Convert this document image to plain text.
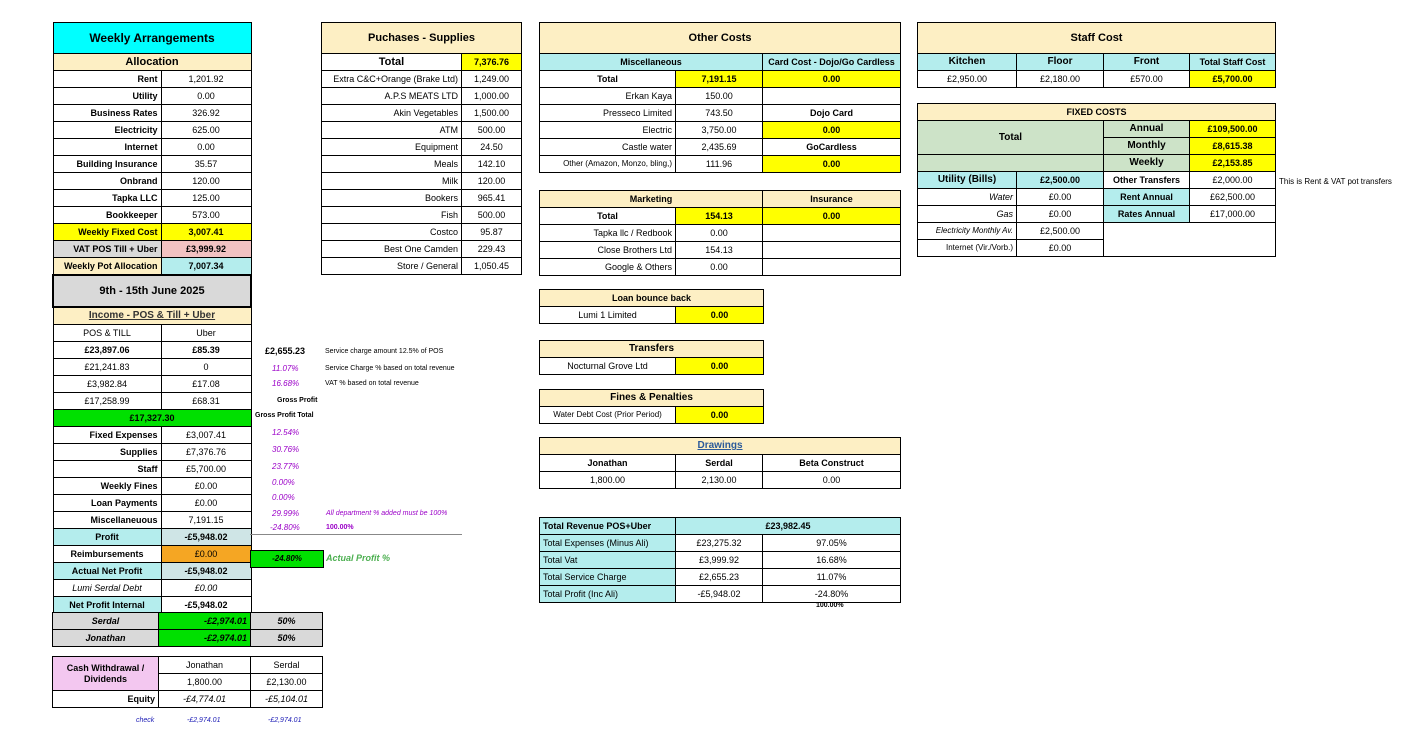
Weekly Arrangements	
Allocation	
Rent	1,201.92
Utility	0.00
Business Rates	326.92
Electricity	625.00
Internet	0.00
Building Insurance	35.57
Onbrand	120.00
Tapka LLC	125.00
Bookkeeper	573.00
Weekly Fixed Cost	3,007.41
VAT POS Till + Uber	£3,999.92
Weekly Pot Allocation	7,007.34
9th - 15th June 2025	
Income - POS & Till + Uber	
POS & TILL	Uber
£23,897.06	£85.39
£21,241.83	0
£3,982.84	£17.08
£17,258.99	£68.31
£17,327.30	
Fixed Expenses	£3,007.41
Supplies	£7,376.76
Staff	£5,700.00
Weekly Fines	£0.00
Loan Payments	£0.00
Miscellaneuous	7,191.15
Profit	-£5,948.02
Reimbursements	£0.00
Actual Net Profit	-£5,948.02
Lumi Serdal Debt	£0.00
Net Profit Internal	-£5,948.02
£2,655.23	Service charge amount 12.5% of POS
11.07%	Service Charge % based on total revenue
16.68%	VAT % based on total revenue
Gross Profit
Gross Profit Total
12.54%
30.76%
23.77%
0.00%
0.00%
29.99%	All department % added must be 100%
-24.80%	100.00%
-24.80%	Actual Profit %
Serdal	-£2,974.01	50%
Jonathan	-£2,974.01	50%
Cash Withdrawal / Dividends	Jonathan	Serdal
	1,800.00	£2,130.00
Equity	-£4,774.01	-£5,104.01
check	-£2,974.01	-£2,974.01
Puchases - Supplies	
Total	7,376.76
Extra C&C+Orange (Brake Ltd)	1,249.00
A.P.S MEATS LTD	1,000.00
Akin Vegetables	1,500.00
ATM	500.00
Equipment	24.50
Meals	142.10
Milk	120.00
Bookers	965.41
Fish	500.00
Costco	95.87
Best One Camden	229.43
Store / General	1,050.45
Other Costs		
Miscellaneous		Card Cost - Dojo/Go Cardless
Total	7,191.15	0.00
Erkan Kaya	150.00	
Presseco Limited	743.50	Dojo Card
Electric	3,750.00	0.00
Castle water	2,435.69	GoCardless
Other (Amazon, Monzo, bling,)	111.96	0.00
Marketing		Insurance
Total	154.13	0.00
Tapka llc / Redbook	0.00	
Close Brothers Ltd	154.13	
Google & Others	0.00	
Loan bounce back
Lumi 1 Limited	0.00
Transfers
Nocturnal Grove Ltd	0.00
Fines & Penalties
Water Debt Cost (Prior Period)	0.00
Drawings		
Jonathan	Serdal	Beta Construct
1,800.00	2,130.00	0.00
Total Revenue POS+Uber	£23,982.45	
Total Expenses (Minus Ali)	£23,275.32	97.05%
Total Vat	£3,999.92	16.68%
Total Service Charge	£2,655.23	11.07%
Total Profit (Inc Ali)	-£5,948.02	-24.80%
100.00%
Staff Cost			
Kitchen	Floor	Front	Total Staff Cost
£2,950.00	£2,180.00	£570.00	£5,700.00
FIXED COSTS			
Total		Annual	£109,500.00
		Monthly	£8,615.38
		Weekly	£2,153.85
Utility (Bills)	£2,500.00	Other Transfers	£2,000.00
Water	£0.00	Rent Annual	£62,500.00
Gas	£0.00	Rates Annual	£17,000.00
Electricity Monthly Av.	£2,500.00		
Internet (Vir./Vorb.)	£0.00		
This is Rent & VAT pot transfers
